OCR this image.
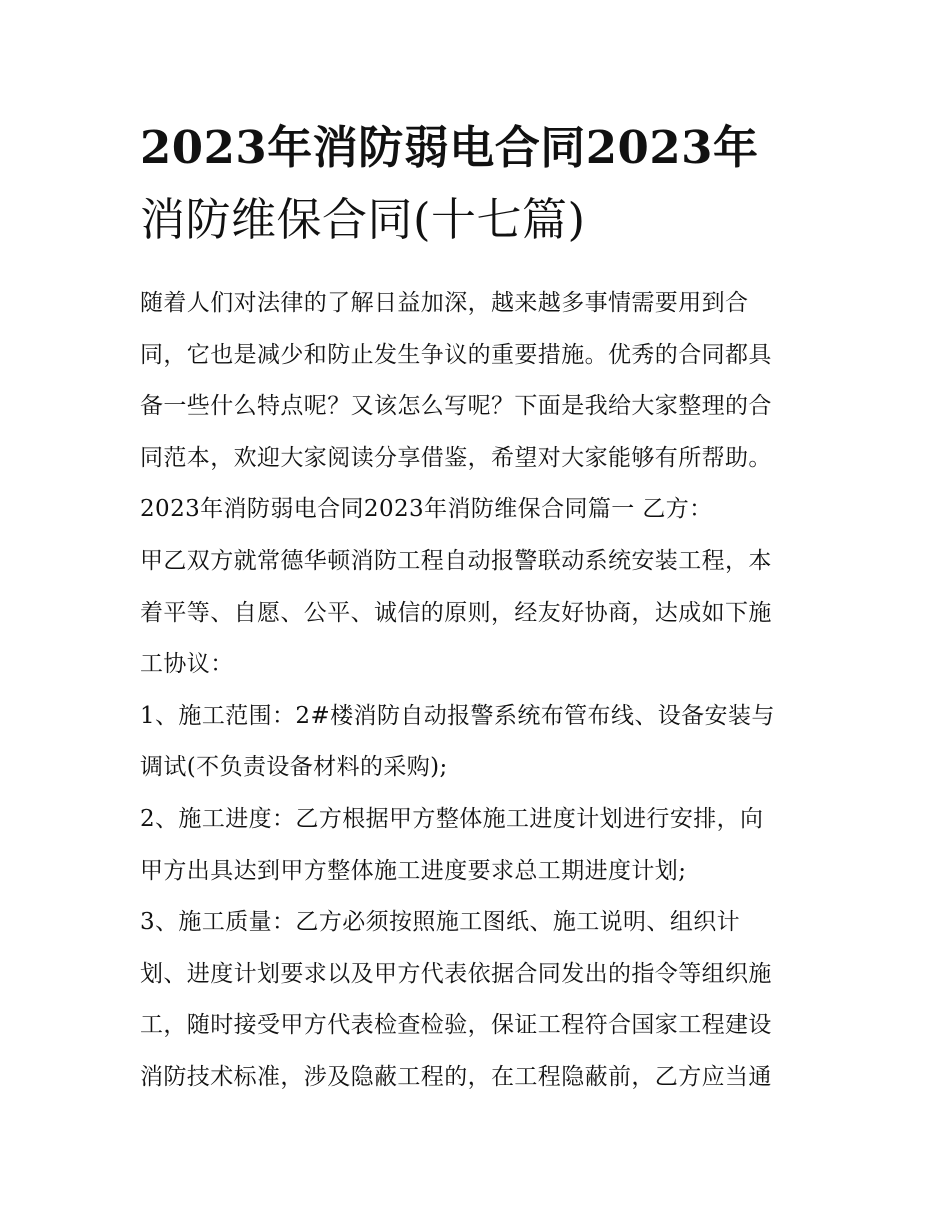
2023年消防弱电合同2023年
消防维保合同(十七篇)
随着人们对法律的了解日益加深，越来越多事情需要用到合
同，它也是减少和防止发生争议的重要措施。优秀的合同都具
备一些什么特点呢？又该怎么写呢？下面是我给大家整理的合
同范本，欢迎大家阅读分享借鉴，希望对大家能够有所帮助。
2023年消防弱电合同2023年消防维保合同篇一 乙方：
甲乙双方就常德华顿消防工程自动报警联动系统安装工程，本
着平等、自愿、公平、诚信的原则，经友好协商，达成如下施
工协议：
1、施工范围：2#楼消防自动报警系统布管布线、设备安装与
调试(不负责设备材料的采购);
2、施工进度：乙方根据甲方整体施工进度计划进行安排，向
甲方出具达到甲方整体施工进度要求总工期进度计划;
3、施工质量：乙方必须按照施工图纸、施工说明、组织计
划、进度计划要求以及甲方代表依据合同发出的指令等组织施
工，随时接受甲方代表检查检验，保证工程符合国家工程建设
消防技术标准，涉及隐蔽工程的，在工程隐蔽前，乙方应当通
